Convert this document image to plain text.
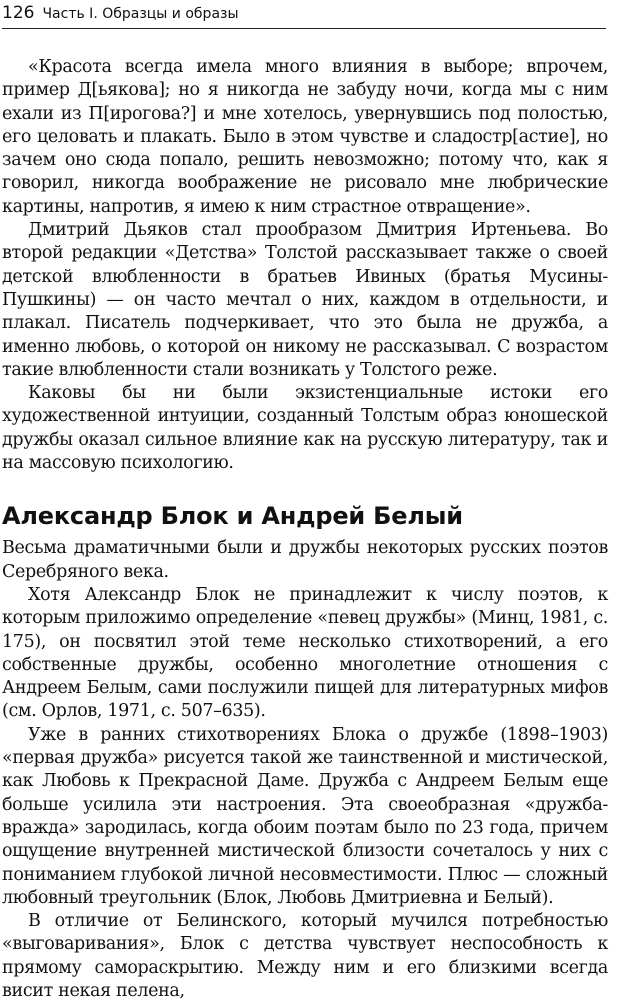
126 Часть I. Образцы и образы

«Красота всегда имела много влияния в выборе; впрочем, пример Д[ьякова]; но я никогда не забуду ночи, когда мы с ним ехали из П[ирогова?] и мне хотелось, увернувшись под полостью, его целовать и плакать. Было в этом чувстве и сладостр[астие], но зачем оно сюда попало, решить невозможно; потому что, как я говорил, никогда воображение не рисовало мне любрические картины, напротив, я имею к ним страстное отвращение».

Дмитрий Дьяков стал прообразом Дмитрия Иртеньева. Во второй редакции «Детства» Толстой рассказывает также о своей детской влюбленности в братьев Ивиных (братья Мусины-Пушкины) — он часто мечтал о них, каждом в отдельности, и плакал. Писатель подчеркивает, что это была не дружба, а именно любовь, о которой он никому не рассказывал. С возрастом такие влюбленности стали возникать у Толстого реже.

Каковы бы ни были экзистенциальные истоки его художественной интуиции, созданный Толстым образ юношеской дружбы оказал сильное влияние как на русскую литературу, так и на массовую психологию.

Александр Блок и Андрей Белый

Весьма драматичными были и дружбы некоторых русских поэтов Серебряного века.

Хотя Александр Блок не принадлежит к числу поэтов, к которым приложимо определение «певец дружбы» (Минц, 1981, с. 175), он посвятил этой теме несколько стихотворений, а его собственные дружбы, особенно многолетние отношения с Андреем Белым, сами послужили пищей для литературных мифов (см. Орлов, 1971, с. 507–635).

Уже в ранних стихотворениях Блока о дружбе (1898–1903) «первая дружба» рисуется такой же таинственной и мистической, как Любовь к Прекрасной Даме. Дружба с Андреем Белым еще больше усилила эти настроения. Эта своеобразная «дружба-вражда» зародилась, когда обоим поэтам было по 23 года, причем ощущение внутренней мистической близости сочеталось у них с пониманием глубокой личной несовместимости. Плюс — сложный любовный треугольник (Блок, Любовь Дмитриевна и Белый).

В отличие от Белинского, который мучился потребностью «выговаривания», Блок с детства чувствует неспособность к прямому самораскрытию. Между ним и его близкими всегда висит некая пелена,
